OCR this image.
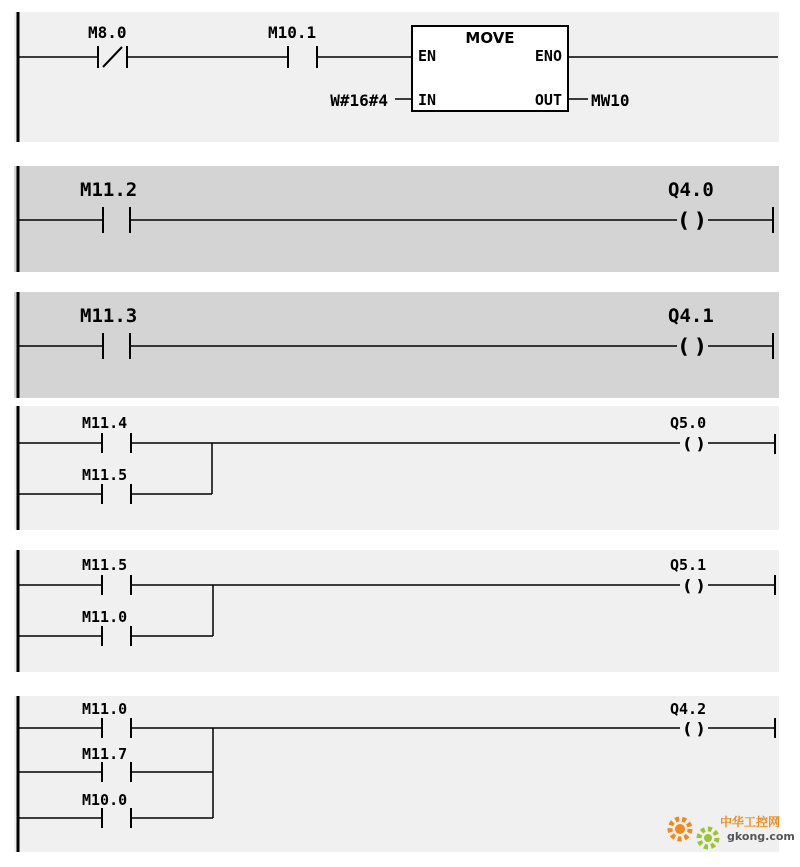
M8.0	M10.1	MOVE
EN	ENO
IN	OUT
W#16#4	MW10
M11.2
( )
Q4.0
M11.3
( )
Q4.1
M11.4
M11.5
( )
Q5.0
M11.5
M11.0
( )
Q5.1
M11.0
M11.7
M10.0
( )
Q4.2
中华工控网
gkong.com
